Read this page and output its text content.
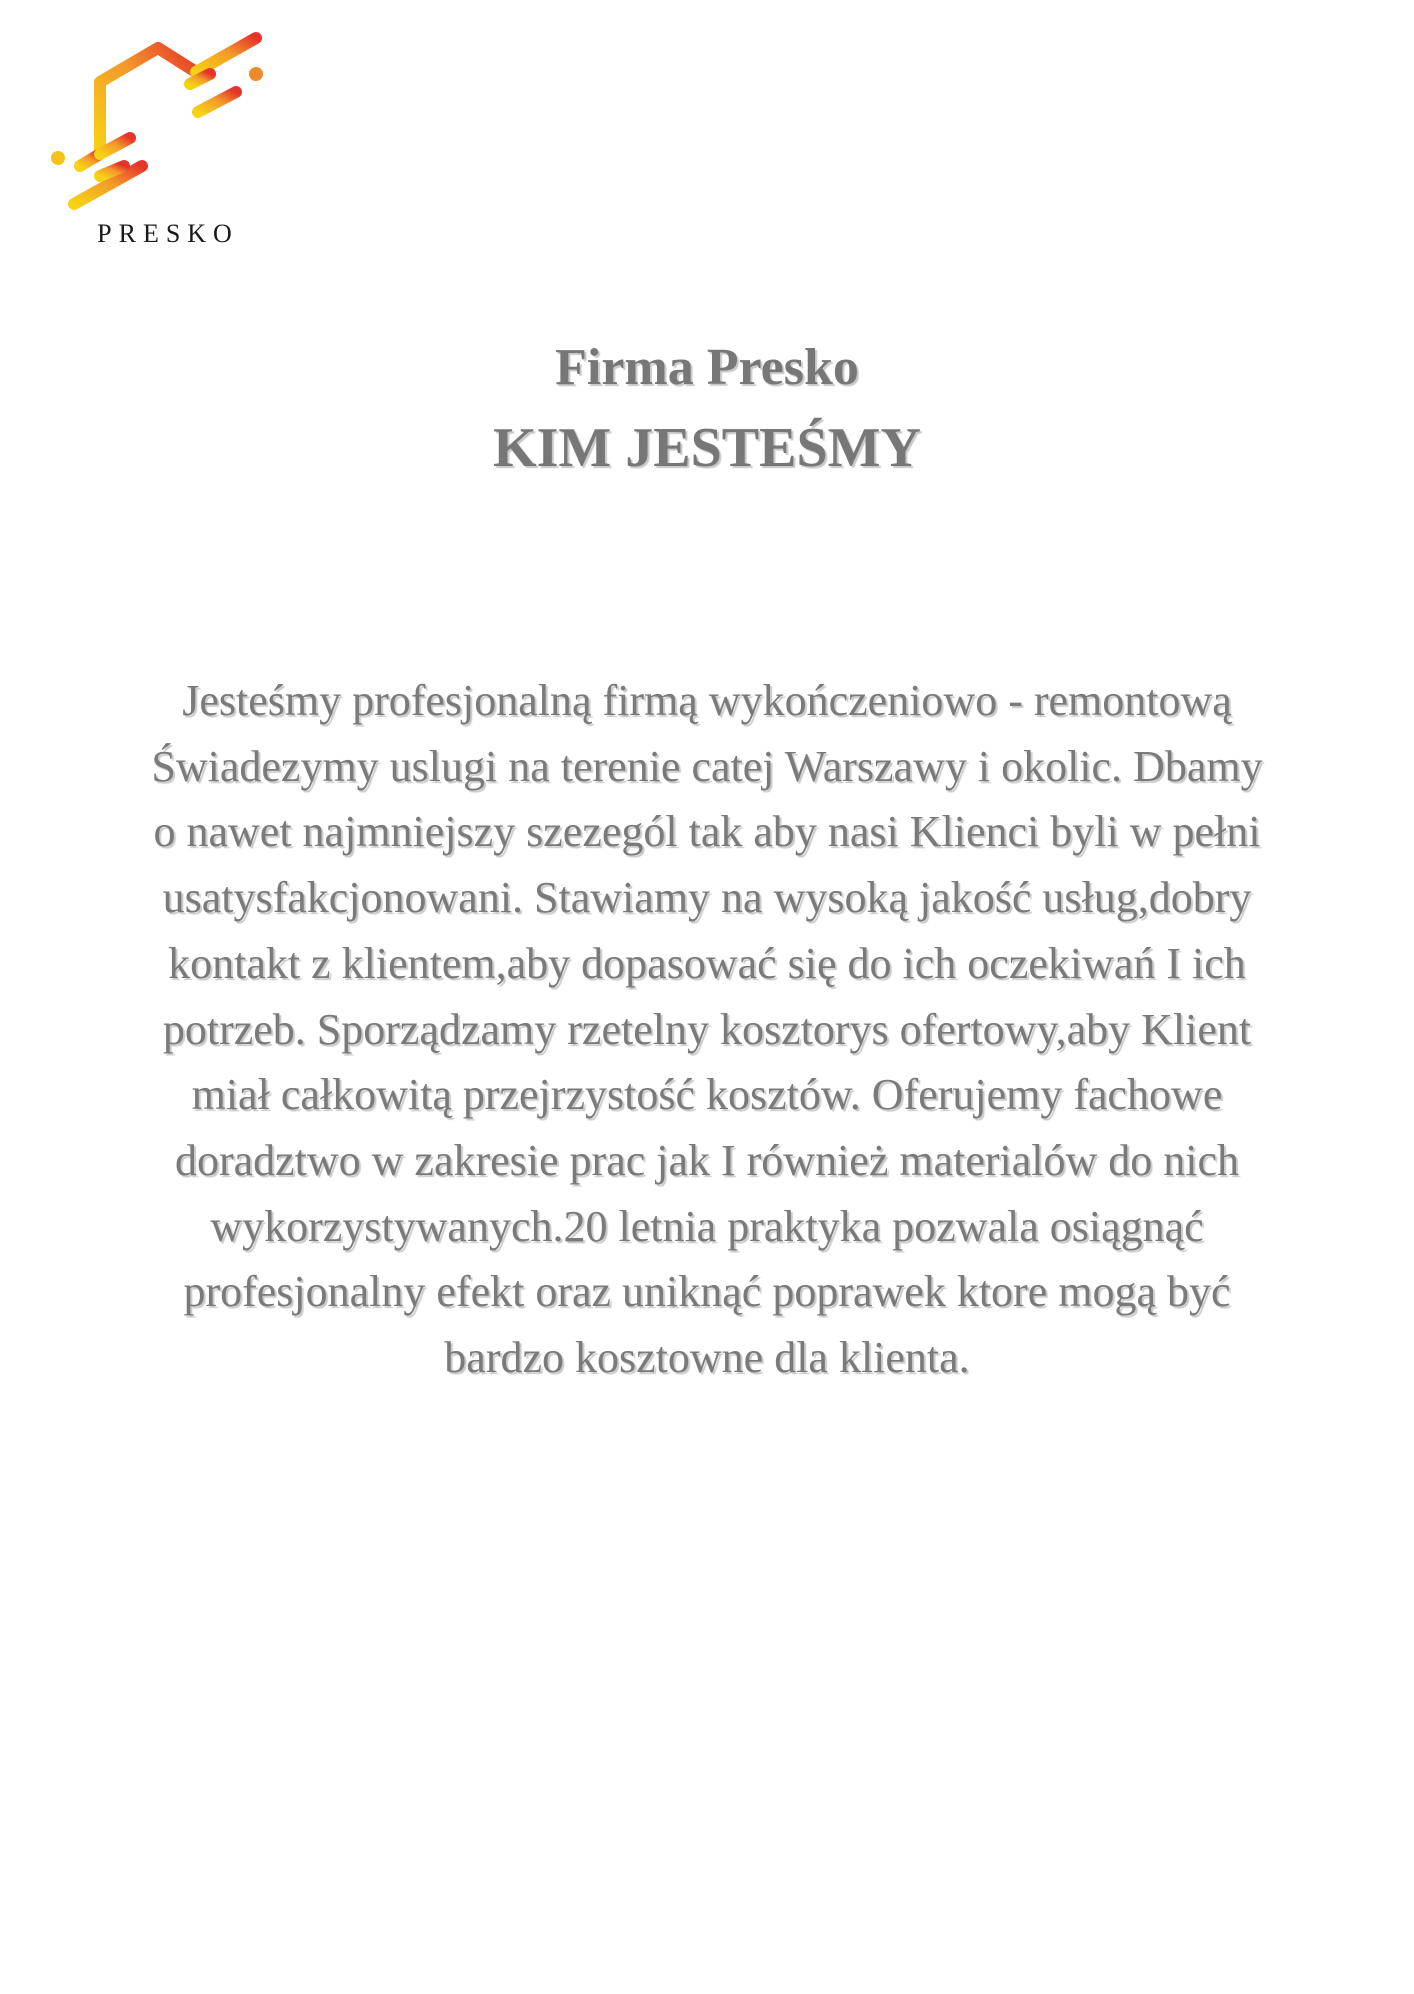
PRESKO
Firma Presko
KIM JESTEŚMY
Jesteśmy profesjonalną firmą wykończeniowo - remontową
Świadezymy uslugi na terenie catej Warszawy i okolic. Dbamy
o nawet najmniejszy szezegól tak aby nasi Klienci byli w pełni
usatysfakcjonowani. Stawiamy na wysoką jakość usług,dobry
kontakt z klientem,aby dopasować się do ich oczekiwań I ich
potrzeb. Sporządzamy rzetelny kosztorys ofertowy,aby Klient
miał całkowitą przejrzystość kosztów. Oferujemy fachowe
doradztwo w zakresie prac jak I również materialów do nich
wykorzystywanych.20 letnia praktyka pozwala osiągnąć
profesjonalny efekt oraz uniknąć poprawek ktore mogą być
bardzo kosztowne dla klienta.
